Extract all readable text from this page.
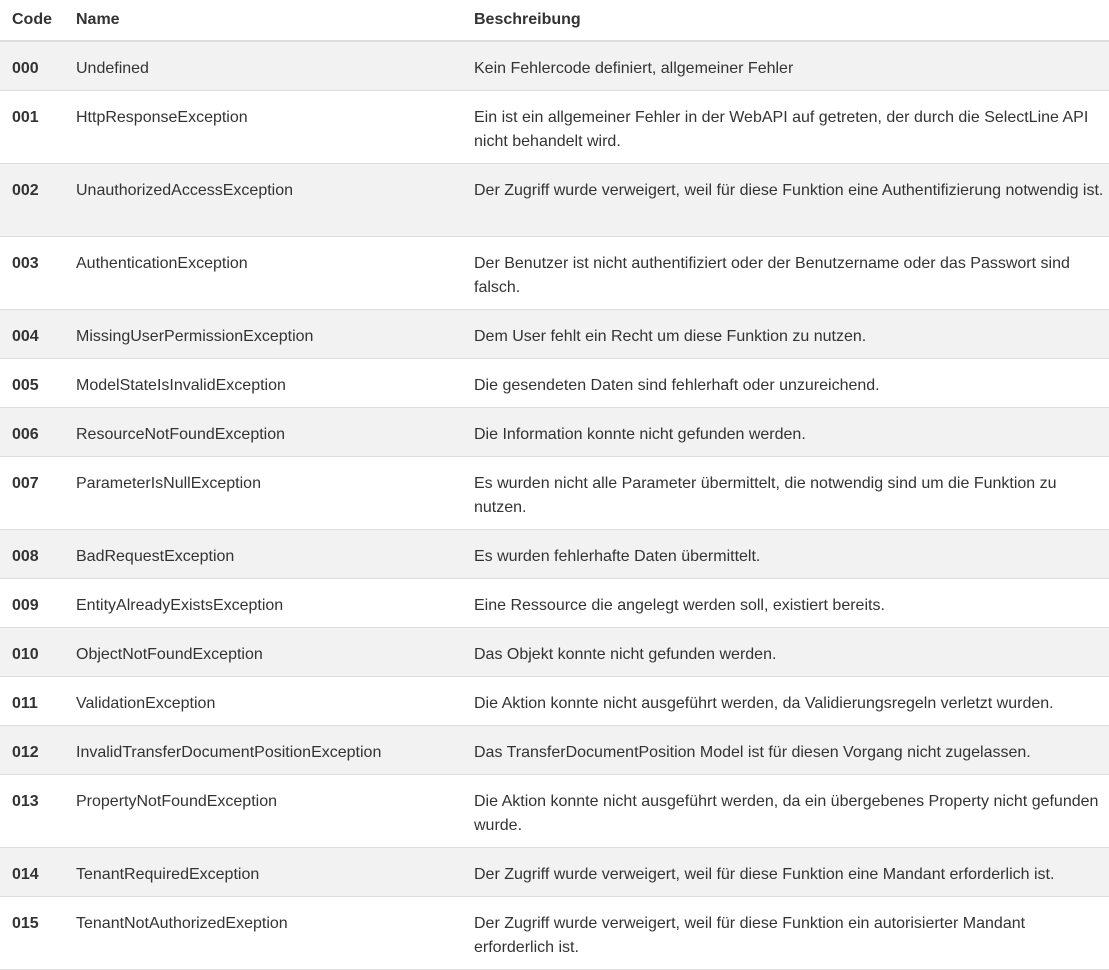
Code	Name	Beschreibung
000	Undefined	Kein Fehlercode definiert, allgemeiner Fehler
001	HttpResponseException	Ein ist ein allgemeiner Fehler in der WebAPI auf getreten, der durch die SelectLine API nicht behandelt wird.
002	UnauthorizedAccessException	Der Zugriff wurde verweigert, weil für diese Funktion eine Authentifizierung notwendig ist.
003	AuthenticationException	Der Benutzer ist nicht authentifiziert oder der Benutzername oder das Passwort sind falsch.
004	MissingUserPermissionException	Dem User fehlt ein Recht um diese Funktion zu nutzen.
005	ModelStateIsInvalidException	Die gesendeten Daten sind fehlerhaft oder unzureichend.
006	ResourceNotFoundException	Die Information konnte nicht gefunden werden.
007	ParameterIsNullException	Es wurden nicht alle Parameter übermittelt, die notwendig sind um die Funktion zu nutzen.
008	BadRequestException	Es wurden fehlerhafte Daten übermittelt.
009	EntityAlreadyExistsException	Eine Ressource die angelegt werden soll, existiert bereits.
010	ObjectNotFoundException	Das Objekt konnte nicht gefunden werden.
011	ValidationException	Die Aktion konnte nicht ausgeführt werden, da Validierungsregeln verletzt wurden.
012	InvalidTransferDocumentPositionException	Das TransferDocumentPosition Model ist für diesen Vorgang nicht zugelassen.
013	PropertyNotFoundException	Die Aktion konnte nicht ausgeführt werden, da ein übergebenes Property nicht gefunden wurde.
014	TenantRequiredException	Der Zugriff wurde verweigert, weil für diese Funktion eine Mandant erforderlich ist.
015	TenantNotAuthorizedExeption	Der Zugriff wurde verweigert, weil für diese Funktion ein autorisierter Mandant erforderlich ist.
